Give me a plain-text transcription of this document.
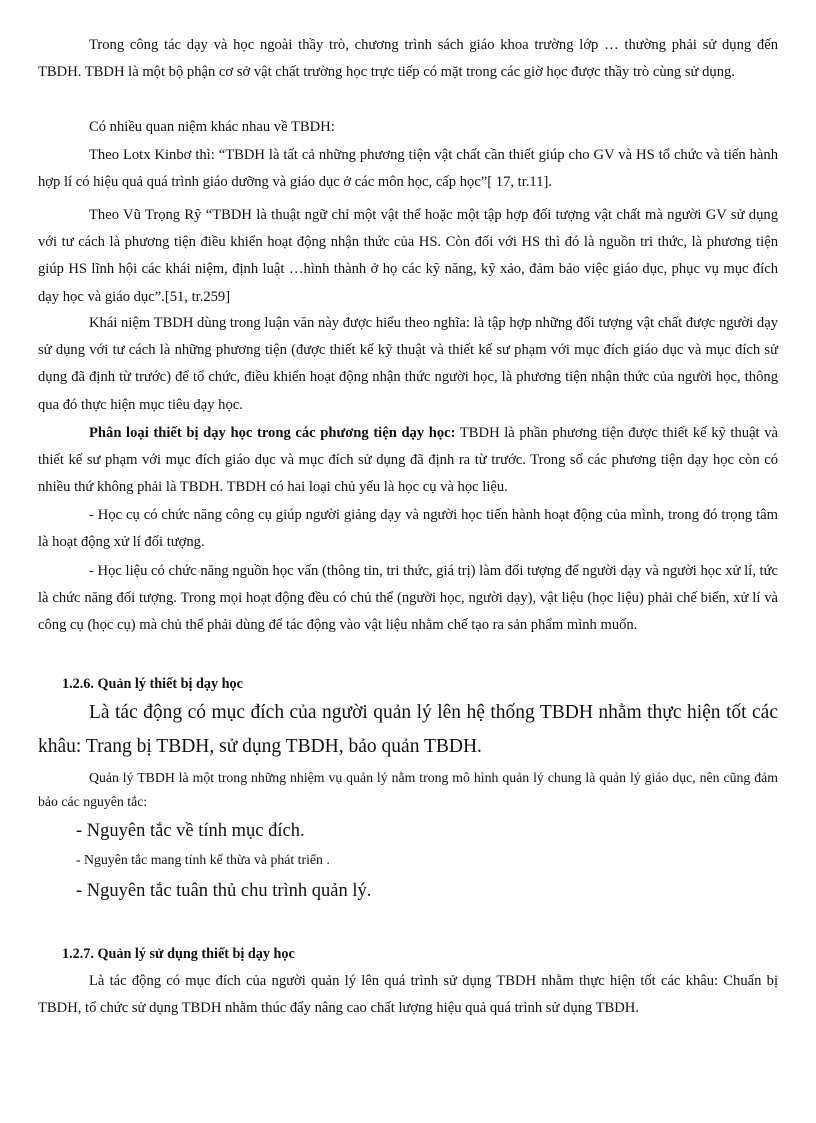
Trong công tác dạy và học ngoài thầy trò, chương trình sách giáo khoa trường lớp … thường phải sử dụng đến TBDH. TBDH là một bộ phận cơ sở vật chất trường học trực tiếp có mặt trong các giờ học được thầy trò cùng sử dụng.

Có nhiều quan niệm khác nhau về TBDH:

Theo Lotx Kinbơ thì: “TBDH là tất cả những phương tiện vật chất cần thiết giúp cho GV và HS tổ chức và tiến hành hợp lí có hiệu quả quá trình giáo dưỡng và giáo dục ở các môn học, cấp học”[ 17, tr.11].

Theo Vũ Trọng Rỹ “TBDH là thuật ngữ chỉ một vật thể hoặc một tập hợp đối tượng vật chất mà người GV sử dụng với tư cách là phương tiện điều khiển hoạt động nhận thức của HS. Còn đối với HS thì đó là nguồn tri thức, là phương tiện giúp HS lĩnh hội các khái niệm, định luật …hình thành ở họ các kỹ năng, kỹ xảo, đảm bảo việc giáo dục, phục vụ mục đích dạy học và giáo dục”.[51, tr.259]

Khái niệm TBDH dùng trong luận văn này được hiểu theo nghĩa: là tập hợp những đối tượng vật chất được người dạy sử dụng với tư cách là những phương tiện (được thiết kế kỹ thuật và thiết kế sư phạm với mục đích giáo dục và mục đích sử dụng đã định từ trước) để tổ chức, điều khiển hoạt động nhận thức người học, là phương tiện nhận thức của người học, thông qua đó thực hiện mục tiêu dạy học.

Phân loại thiết bị dạy học trong các phương tiện dạy học: TBDH là phần phương tiện được thiết kế kỹ thuật và thiết kế sư phạm với mục đích giáo dục và mục đích sử dụng đã định ra từ trước. Trong số các phương tiện dạy học còn có nhiều thứ không phải là TBDH. TBDH có hai loại chủ yếu là học cụ và học liệu.

- Học cụ có chức năng công cụ giúp người giảng dạy và người học tiến hành hoạt động của mình, trong đó trọng tâm là hoạt động xử lí đối tượng.

- Học liệu có chức năng nguồn học vấn (thông tin, tri thức, giá trị) làm đối tượng để người dạy và người học xử lí, tức là chức năng đối tượng. Trong mọi hoạt động đều có chủ thể (người học, người dạy), vật liệu (học liệu) phải chế biến, xử lí và công cụ (học cụ) mà chủ thể phải dùng để tác động vào vật liệu nhằm chế tạo ra sản phẩm mình muốn.

1.2.6. Quản lý thiết bị dạy học

Là tác động có mục đích của người quản lý lên hệ thống TBDH nhằm thực hiện tốt các khâu: Trang bị TBDH, sử dụng TBDH, bảo quản TBDH.

Quản lý TBDH là một trong những nhiệm vụ quản lý nằm trong mô hình quản lý chung là quản lý giáo dục, nên cũng đảm bảo các nguyên tắc:

- Nguyên tắc về tính mục đích.

- Nguyên tắc mang tính kế thừa và phát triển .

- Nguyên tắc tuân thủ chu trình quản lý.

1.2.7. Quản lý sử dụng thiết bị dạy học

Là tác động có mục đích của người quản lý lên quá trình sử dụng TBDH nhằm thực hiện tốt các khâu: Chuẩn bị TBDH, tổ chức sử dụng TBDH nhằm thúc đẩy nâng cao chất lượng hiệu quả quá trình sử dụng TBDH.
